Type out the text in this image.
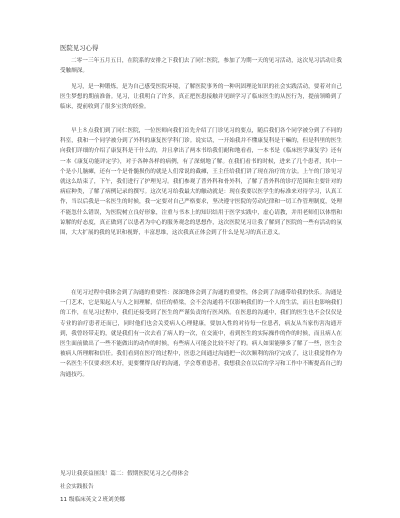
医院见习心得

二零一三年五月五日，在院系的安排之下我们去了同仁医院，参加了为期一天的见习活动，这次见习活动让我受触颇深。

见习，是一种锻炼，是为自己感受医院环境，了解医院事务的一种巩固理论知识的社会实践活动，要着对自己医生梦想的期前准备。见习，让我明白了许多，真正把医患接触并见顾学习了临床医生的从医行为，提前领略到了临床，提前收到了很多宝贵的经验。

早上８点我们到了同仁医院，一位医师向我们首先介绍了门诊见习的要点，随后我们各个同学被分到了不同的科室，我和一个同学被分到了外科的康复医学科门诊。说实话，一开始我并不懂康复科是干嘛的，但是科里的医生向我们详细的介绍了康复科是干什么的，并且拿出了两本书给我们耐和地看看，一本书是《临床医学康复学》还有一本《康复功能评定学》，对于各种各样的病例，有了深刻地了解。在我们看书的时候，进来了几个患者，其中一个是小儿脑瘫，还有一个是骨髓损伤的就是人们常说的截瘫，王主任给我们讲了现在治疗的方法。上午的门诊见习就这么结束了，下午，我们进行了护理见习。我们参观了普外科和骨外科，了解了普外科的诊疗范围和主要针对的病症种类，了解了病例记录的撰写。这次见习给我最大的触动就是：现在我要以医学生的标准来对待学习，认真工作，当以后我是一名医生的时候，我一定要对自己严格要求，坚决遵守医院的劳动纪律和一切工作管理制度，处理不能忽什么错误，为医院树立良好形象，注重与书本上的知识结用于医学实践中，虚心请教，并用老师们以体惜和谅解的好态度，真正做到了以患者为中心的服务观念的思想作，这次医院见习让我了解到了医院的一些有活动的氛围，大大扩展的我的见识和视野，丰富思维，这次我真正体会到了什么是见习的真正意义。

在见习过程中我体会到了沟通的重要性：深深地体会到了沟通的重要性，体会到了沟通带给我的快乐。沟通是一门艺术，它是架起人与人之间理解，信任的桥梁，会不会沟通将不仅影响我们的一个人的生活，而且也影响我们的工作，在见习过程中，我们还接受到了医生的严谨负责的行医风格。在医患的沟通中，我们的医生也不会仅仅是专业的治疗患者还而已，同时他们也会关爱病人心理健康，要加入性的对待每一位患者，病友从当家伤害沟通开到，我曾经带走的，就是我们有一次去看了病人的一次，在交流中，看到医生的实际操作的作的时候，而且病人在医生面前做出了一些不能做出的动作的时候，有些病人可能会比较不好了的。病人如果能够多了解了一些，医生会被病人所理解和信任。我们看到在医疗的过程中，医患之间通过沟通把一次次顺利的治疗完成了，这让我觉得作为一名医生不仅要求医术好，更要懂得良好的沟通，学会尊重患者，我想我会在以后的学习和工作中不断提高自己的沟通技巧。

见习让我获益匪浅！篇二：假期医院见习之心得体会
社会实践报告
11 级临床英文２班刘美娜
